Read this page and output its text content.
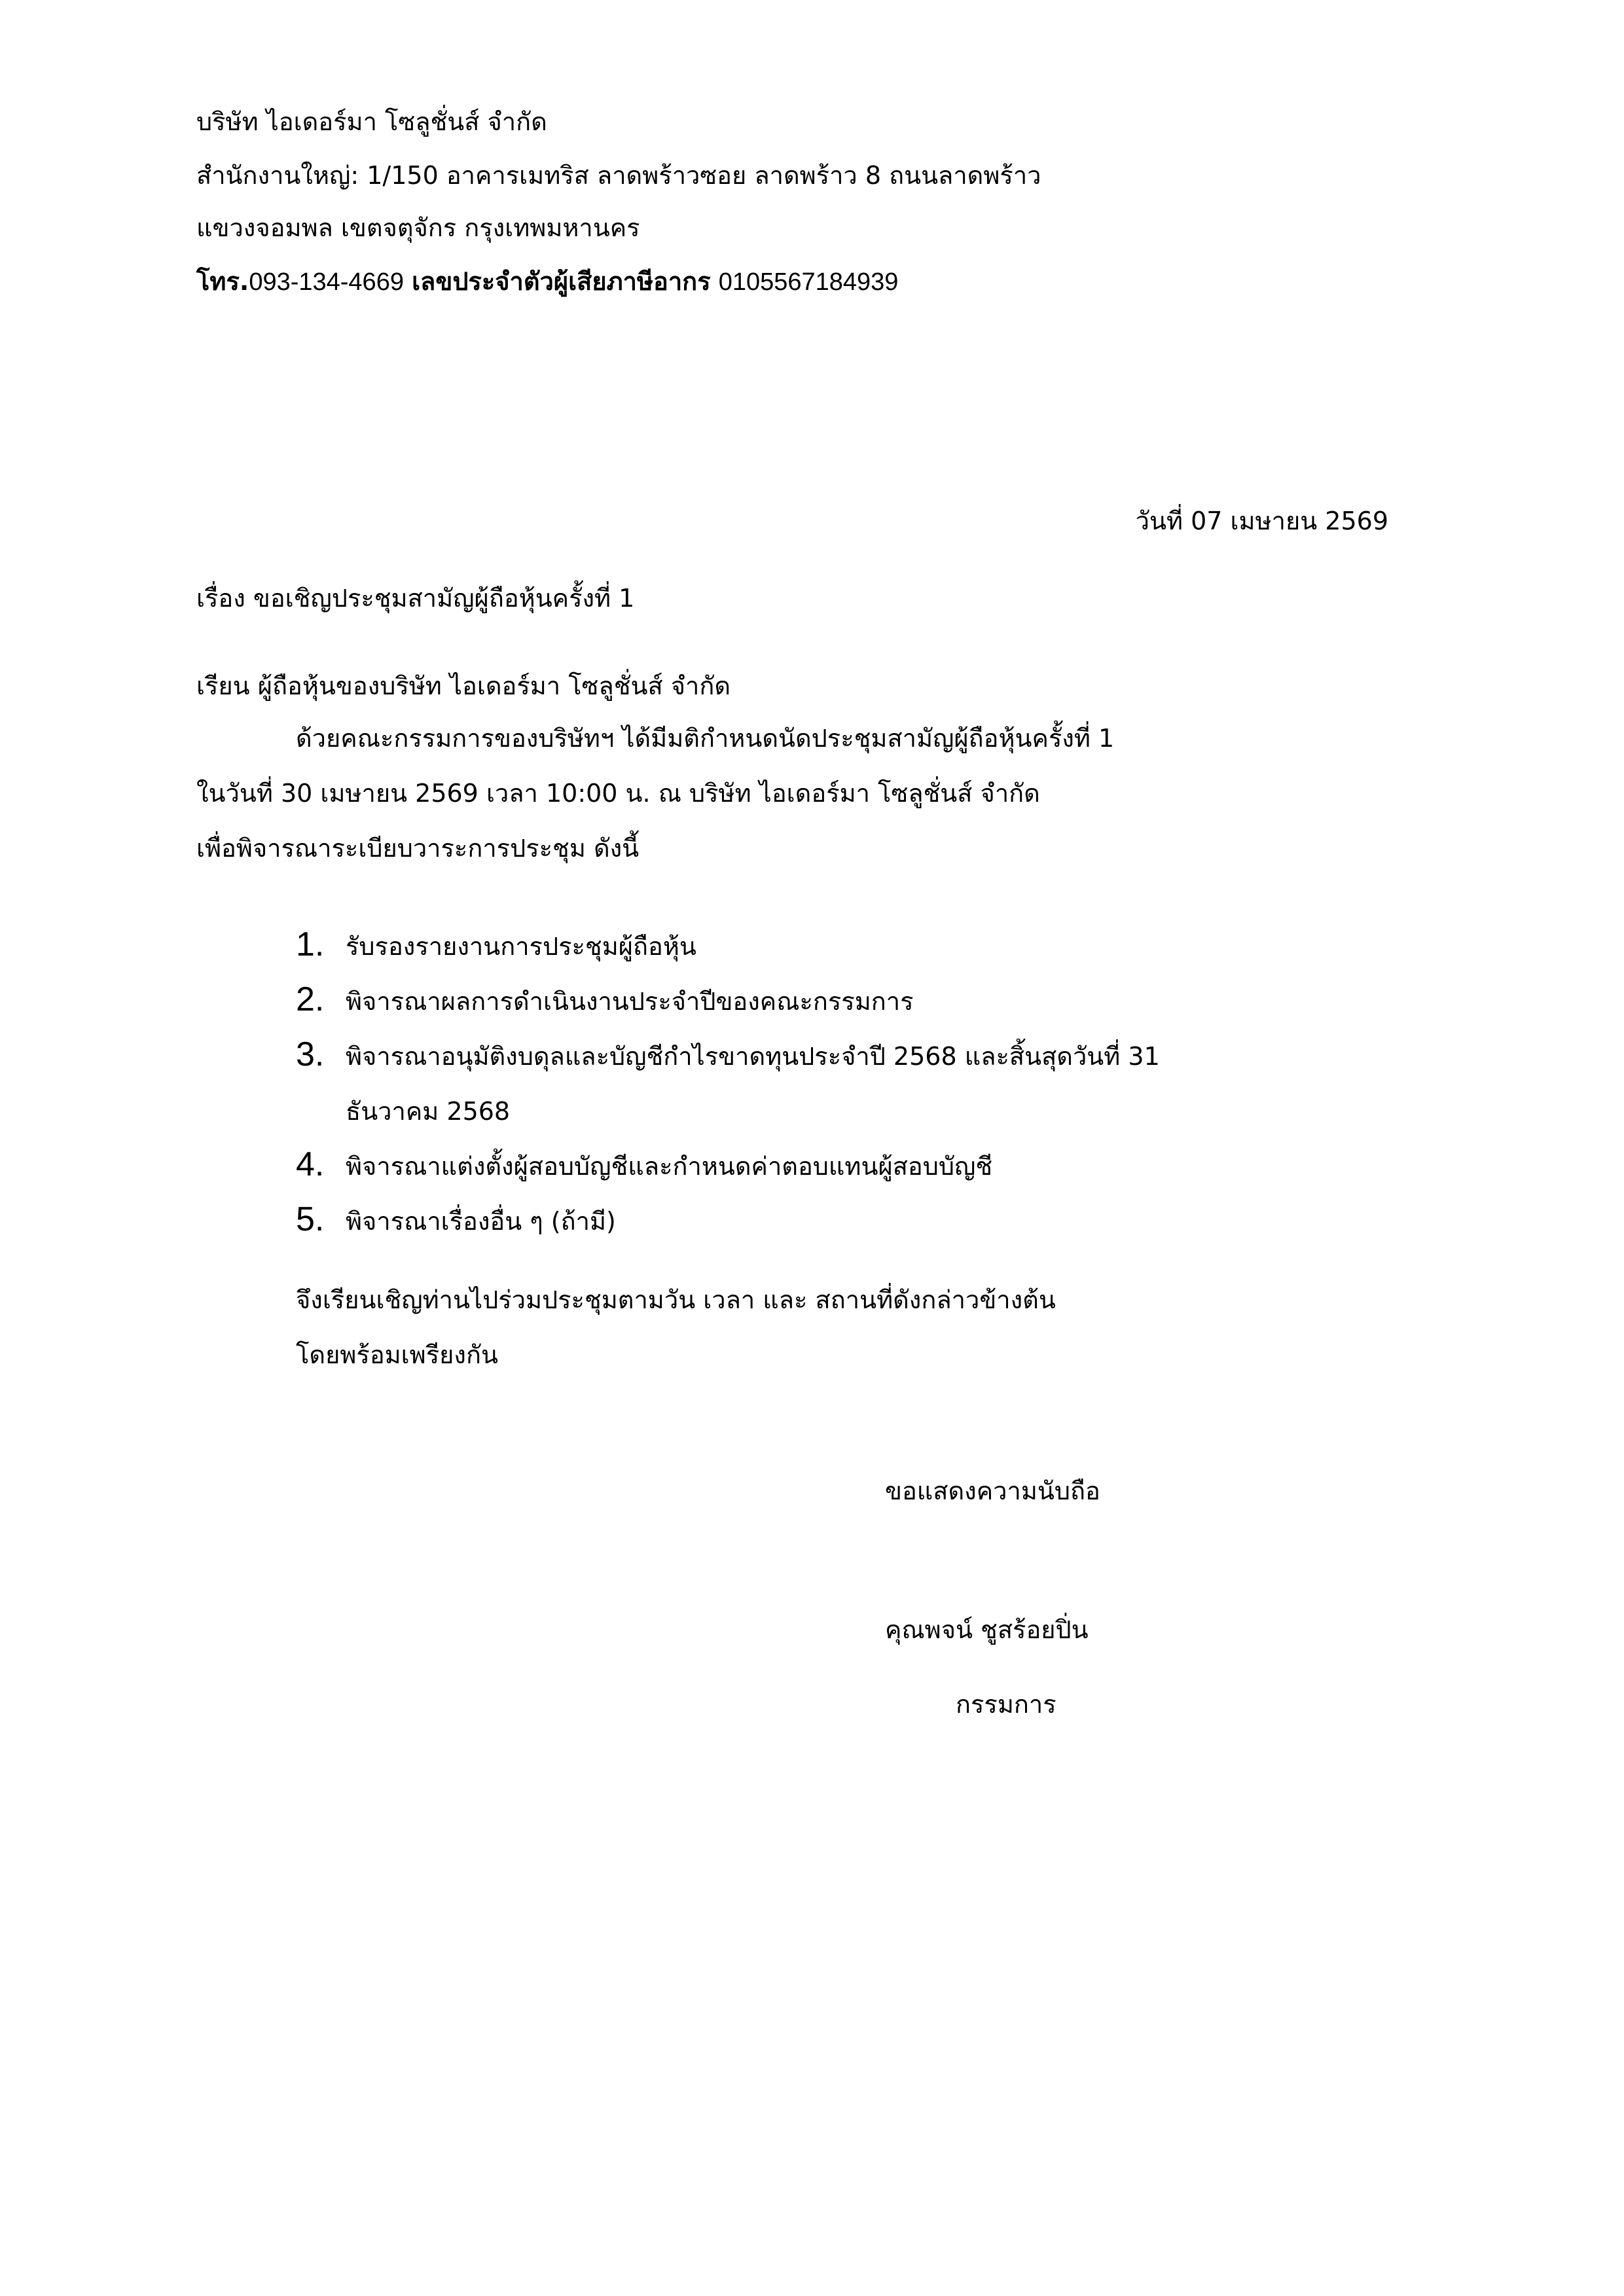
บริษัท ไอเดอร์มา โซลูชั่นส์ จำกัด
สำนักงานใหญ่: 1/150 อาคารเมทริส ลาดพร้าวซอย ลาดพร้าว 8 ถนนลาดพร้าว
แขวงจอมพล เขตจตุจักร กรุงเทพมหานคร
โทร.093-134-4669 เลขประจำตัวผู้เสียภาษีอากร 0105567184939
วันที่ 07 เมษายน 2569
เรื่อง ขอเชิญประชุมสามัญผู้ถือหุ้นครั้งที่ 1
เรียน ผู้ถือหุ้นของบริษัท ไอเดอร์มา โซลูชั่นส์ จำกัด
ด้วยคณะกรรมการของบริษัทฯ ได้มีมติกำหนดนัดประชุมสามัญผู้ถือหุ้นครั้งที่ 1
ในวันที่ 30 เมษายน 2569 เวลา 10:00 น. ณ บริษัท ไอเดอร์มา โซลูชั่นส์ จำกัด
เพื่อพิจารณาระเบียบวาระการประชุม ดังนี้
1. รับรองรายงานการประชุมผู้ถือหุ้น
2. พิจารณาผลการดำเนินงานประจำปีของคณะกรรมการ
3. พิจารณาอนุมัติงบดุลและบัญชีกำไรขาดทุนประจำปี 2568 และสิ้นสุดวันที่ 31
ธันวาคม 2568
4. พิจารณาแต่งตั้งผู้สอบบัญชีและกำหนดค่าตอบแทนผู้สอบบัญชี
5. พิจารณาเรื่องอื่น ๆ (ถ้ามี)
จึงเรียนเชิญท่านไปร่วมประชุมตามวัน เวลา และ สถานที่ดังกล่าวข้างต้น
โดยพร้อมเพรียงกัน
ขอแสดงความนับถือ
คุณพจน์ ชูสร้อยปิ่น
กรรมการ
